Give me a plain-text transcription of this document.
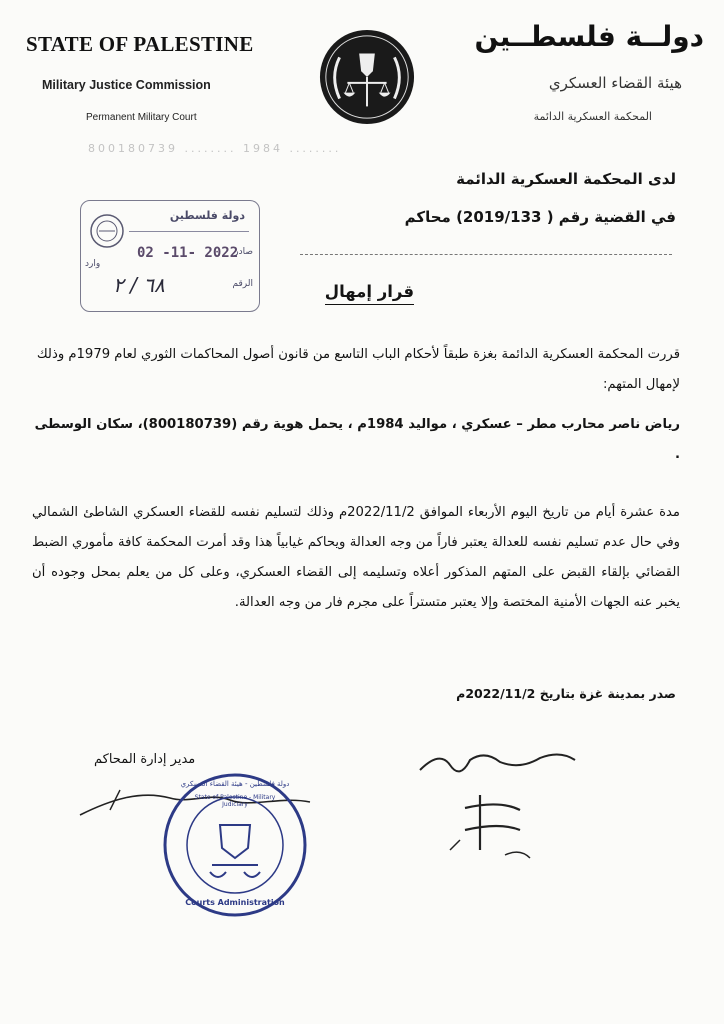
STATE OF PALESTINE
Military Justice Commission
Permanent Military Court
دولــة فلسطــين
هيئة القضاء العسكري
المحكمة العسكرية الدائمة
800180739 ........ 1984 ........
لدى المحكمة العسكرية الدائمة
في القضية رقم ( 2019/133) محاكم
دولة فلسطين
صادر
وارد
02 -11- 2022
الرقم
٦٨ / ٢	قرار إمهال
قررت المحكمة العسكرية الدائمة بغزة طبقاً لأحكام الباب التاسع من قانون أصول المحاكمات الثوري لعام 1979م وذلك لإمهال المتهم:
رياض ناصر محارب مطر – عسكري ، مواليد 1984م ، يحمل هوية رقم (800180739)، سكان الوسطى .
مدة عشرة أيام من تاريخ اليوم الأربعاء الموافق 2022/11/2م وذلك لتسليم نفسه للقضاء العسكري الشاطئ الشمالي وفي حال عدم تسليم نفسه للعدالة يعتبر فاراً من وجه العدالة ويحاكم غيابياً هذا وقد أمرت المحكمة كافة مأموري الضبط القضائي بإلقاء القبض على المتهم المذكور أعلاه وتسليمه إلى القضاء العسكري، وعلى كل من يعلم بمحل وجوده أن يخبر عنه الجهات الأمنية المختصة وإلا يعتبر متستراً على مجرم فار من وجه العدالة.
صدر بمدينة غزة بتاريخ 2022/11/2م
مدير إدارة المحاكم
دولة فلسطين - هيئة القضاء العسكري
State of Palestine - Military Judiciary
Courts Administration
